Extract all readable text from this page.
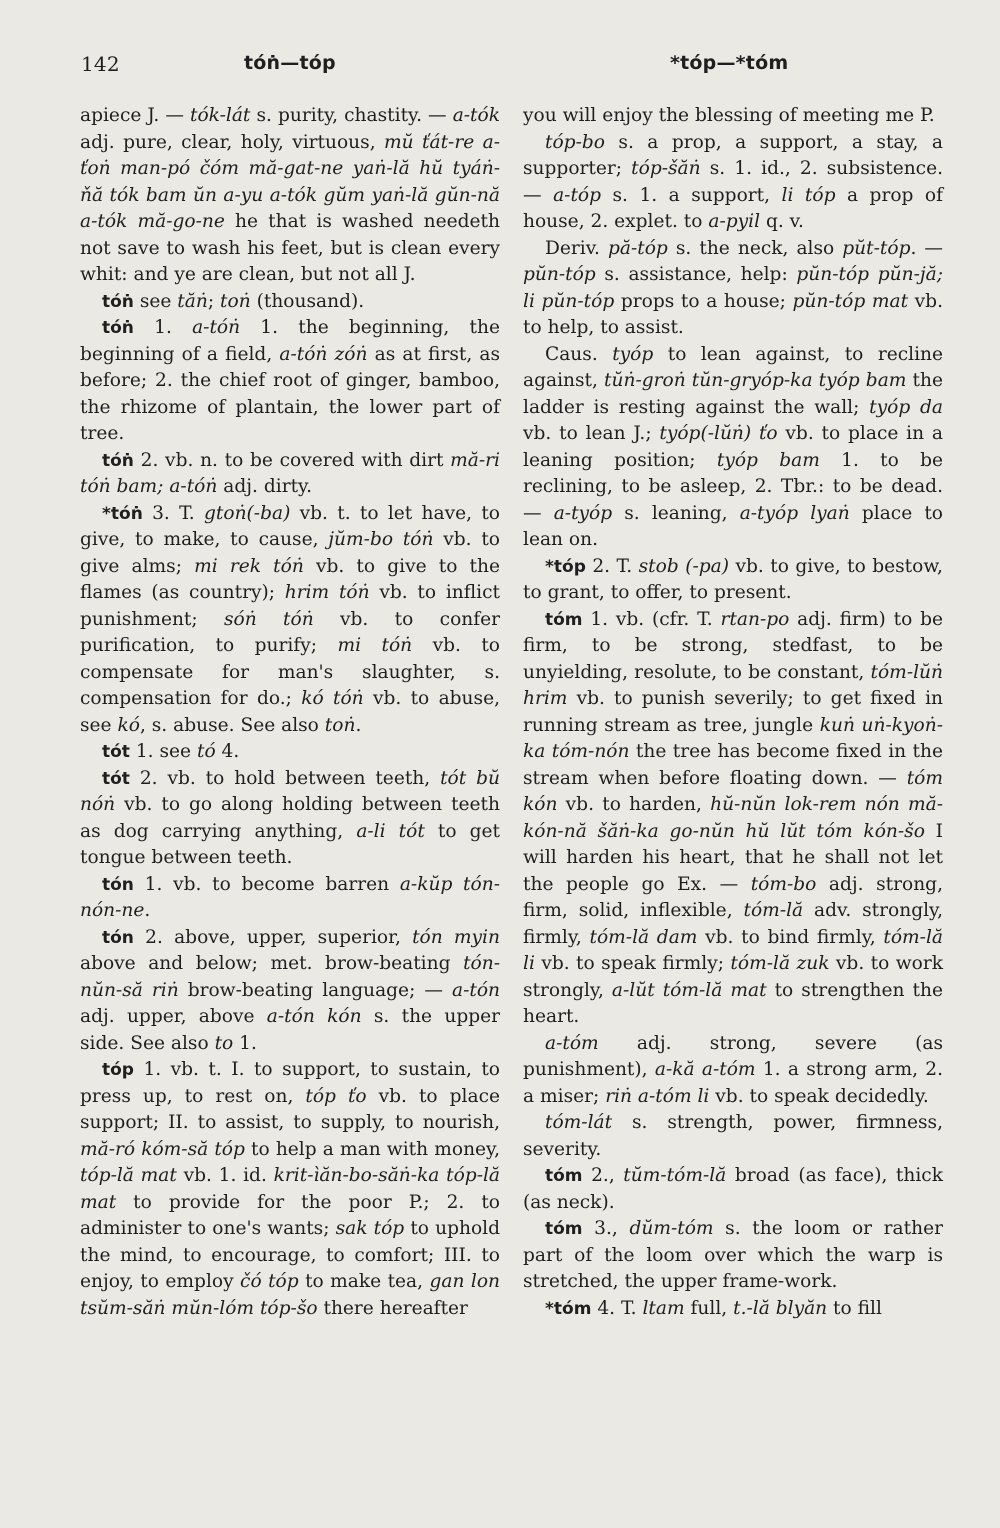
142	tóṅ—tóp	*tóp—*tóm

apiece J. — tók-lát s. purity, chastity. — a-tók adj. pure, clear, holy, virtuous, mŭ ťát-re a-ťoṅ man-pó čóm mă-gat-ne yaṅ-lă hŭ tyáṅ-ňă tók bam ŭn a-yu a-tók gŭm yaṅ-lă gŭn-nă a-tók mă-go-ne he that is washed needeth not save to wash his feet, but is clean every whit: and ye are clean, but not all J.

tóṅ see tăṅ; toṅ (thousand).

tóṅ 1. a-tóṅ 1. the beginning, the beginning of a field, a-tóṅ zóṅ as at first, as before; 2. the chief root of ginger, bamboo, the rhizome of plantain, the lower part of tree.

tóṅ 2. vb. n. to be covered with dirt mă-ri tóṅ bam; a-tóṅ adj. dirty.

*tóṅ 3. T. gtoṅ(-ba) vb. t. to let have, to give, to make, to cause, jŭm-bo tóṅ vb. to give alms; mi rek tóṅ vb. to give to the flames (as country); hrim tóṅ vb. to inflict punishment; sóṅ tóṅ vb. to confer purification, to purify; mi tóṅ vb. to compensate for man's slaughter, s. compensation for do.; kó tóṅ vb. to abuse, see kó, s. abuse. See also toṅ.

tót 1. see tó 4.

tót 2. vb. to hold between teeth, tót bŭ nóṅ vb. to go along holding between teeth as dog carrying anything, a-li tót to get tongue between teeth.

tón 1. vb. to become barren a-kŭp tón-nón-ne.

tón 2. above, upper, superior, tón myin above and below; met. brow-beating tón-nŭn-să riṅ brow-beating language; — a-tón adj. upper, above a-tón kón s. the upper side. See also to 1.

tóp 1. vb. t. I. to support, to sustain, to press up, to rest on, tóp ťo vb. to place support; II. to assist, to supply, to nourish, mă-ró kóm-să tóp to help a man with money, tóp-lă mat vb. 1. id. krit-ìăn-bo-săṅ-ka tóp-lă mat to provide for the poor P.; 2. to administer to one's wants; sak tóp to uphold the mind, to encourage, to comfort; III. to enjoy, to employ čó tóp to make tea, gan lon tsŭm-săṅ mŭn-lóm tóp-šo there hereafter

you will enjoy the blessing of meeting me P.

tóp-bo s. a prop, a support, a stay, a supporter; tóp-šăṅ s. 1. id., 2. subsistence. — a-tóp s. 1. a support, li tóp a prop of house, 2. explet. to a-pyil q. v.

Deriv. pă-tóp s. the neck, also pŭt-tóp. — pŭn-tóp s. assistance, help: pŭn-tóp pŭn-jă; li pŭn-tóp props to a house; pŭn-tóp mat vb. to help, to assist.

Caus. tyóp to lean against, to recline against, tŭṅ-groṅ tŭn-gryóp-ka tyóp bam the ladder is resting against the wall; tyóp da vb. to lean J.; tyóp(-lŭṅ) ťo vb. to place in a leaning position; tyóp bam 1. to be reclining, to be asleep, 2. Tbr.: to be dead. — a-tyóp s. leaning, a-tyóp lyaṅ place to lean on.

*tóp 2. T. stob (-pa) vb. to give, to bestow, to grant, to offer, to present.

tóm 1. vb. (cfr. T. rtan-po adj. firm) to be firm, to be strong, stedfast, to be unyielding, resolute, to be constant, tóm-lŭṅ hrim vb. to punish severily; to get fixed in running stream as tree, jungle kuṅ uṅ-kyoṅ-ka tóm-nón the tree has become fixed in the stream when before floating down. — tóm kón vb. to harden, hŭ-nŭn lok-rem nón mă-kón-nă šăṅ-ka go-nŭn hŭ lŭt tóm kón-šo I will harden his heart, that he shall not let the people go Ex. — tóm-bo adj. strong, firm, solid, inflexible, tóm-lă adv. strongly, firmly, tóm-lă dam vb. to bind firmly, tóm-lă li vb. to speak firmly; tóm-lă zuk vb. to work strongly, a-lŭt tóm-lă mat to strengthen the heart.

a-tóm adj. strong, severe (as punishment), a-kă a-tóm 1. a strong arm, 2. a miser; riṅ a-tóm li vb. to speak decidedly.

tóm-lát s. strength, power, firmness, severity.

tóm 2., tŭm-tóm-lă broad (as face), thick (as neck).

tóm 3., dŭm-tóm s. the loom or rather part of the loom over which the warp is stretched, the upper frame-work.

*tóm 4. T. ltam full, t.-lă blyăn to fill
